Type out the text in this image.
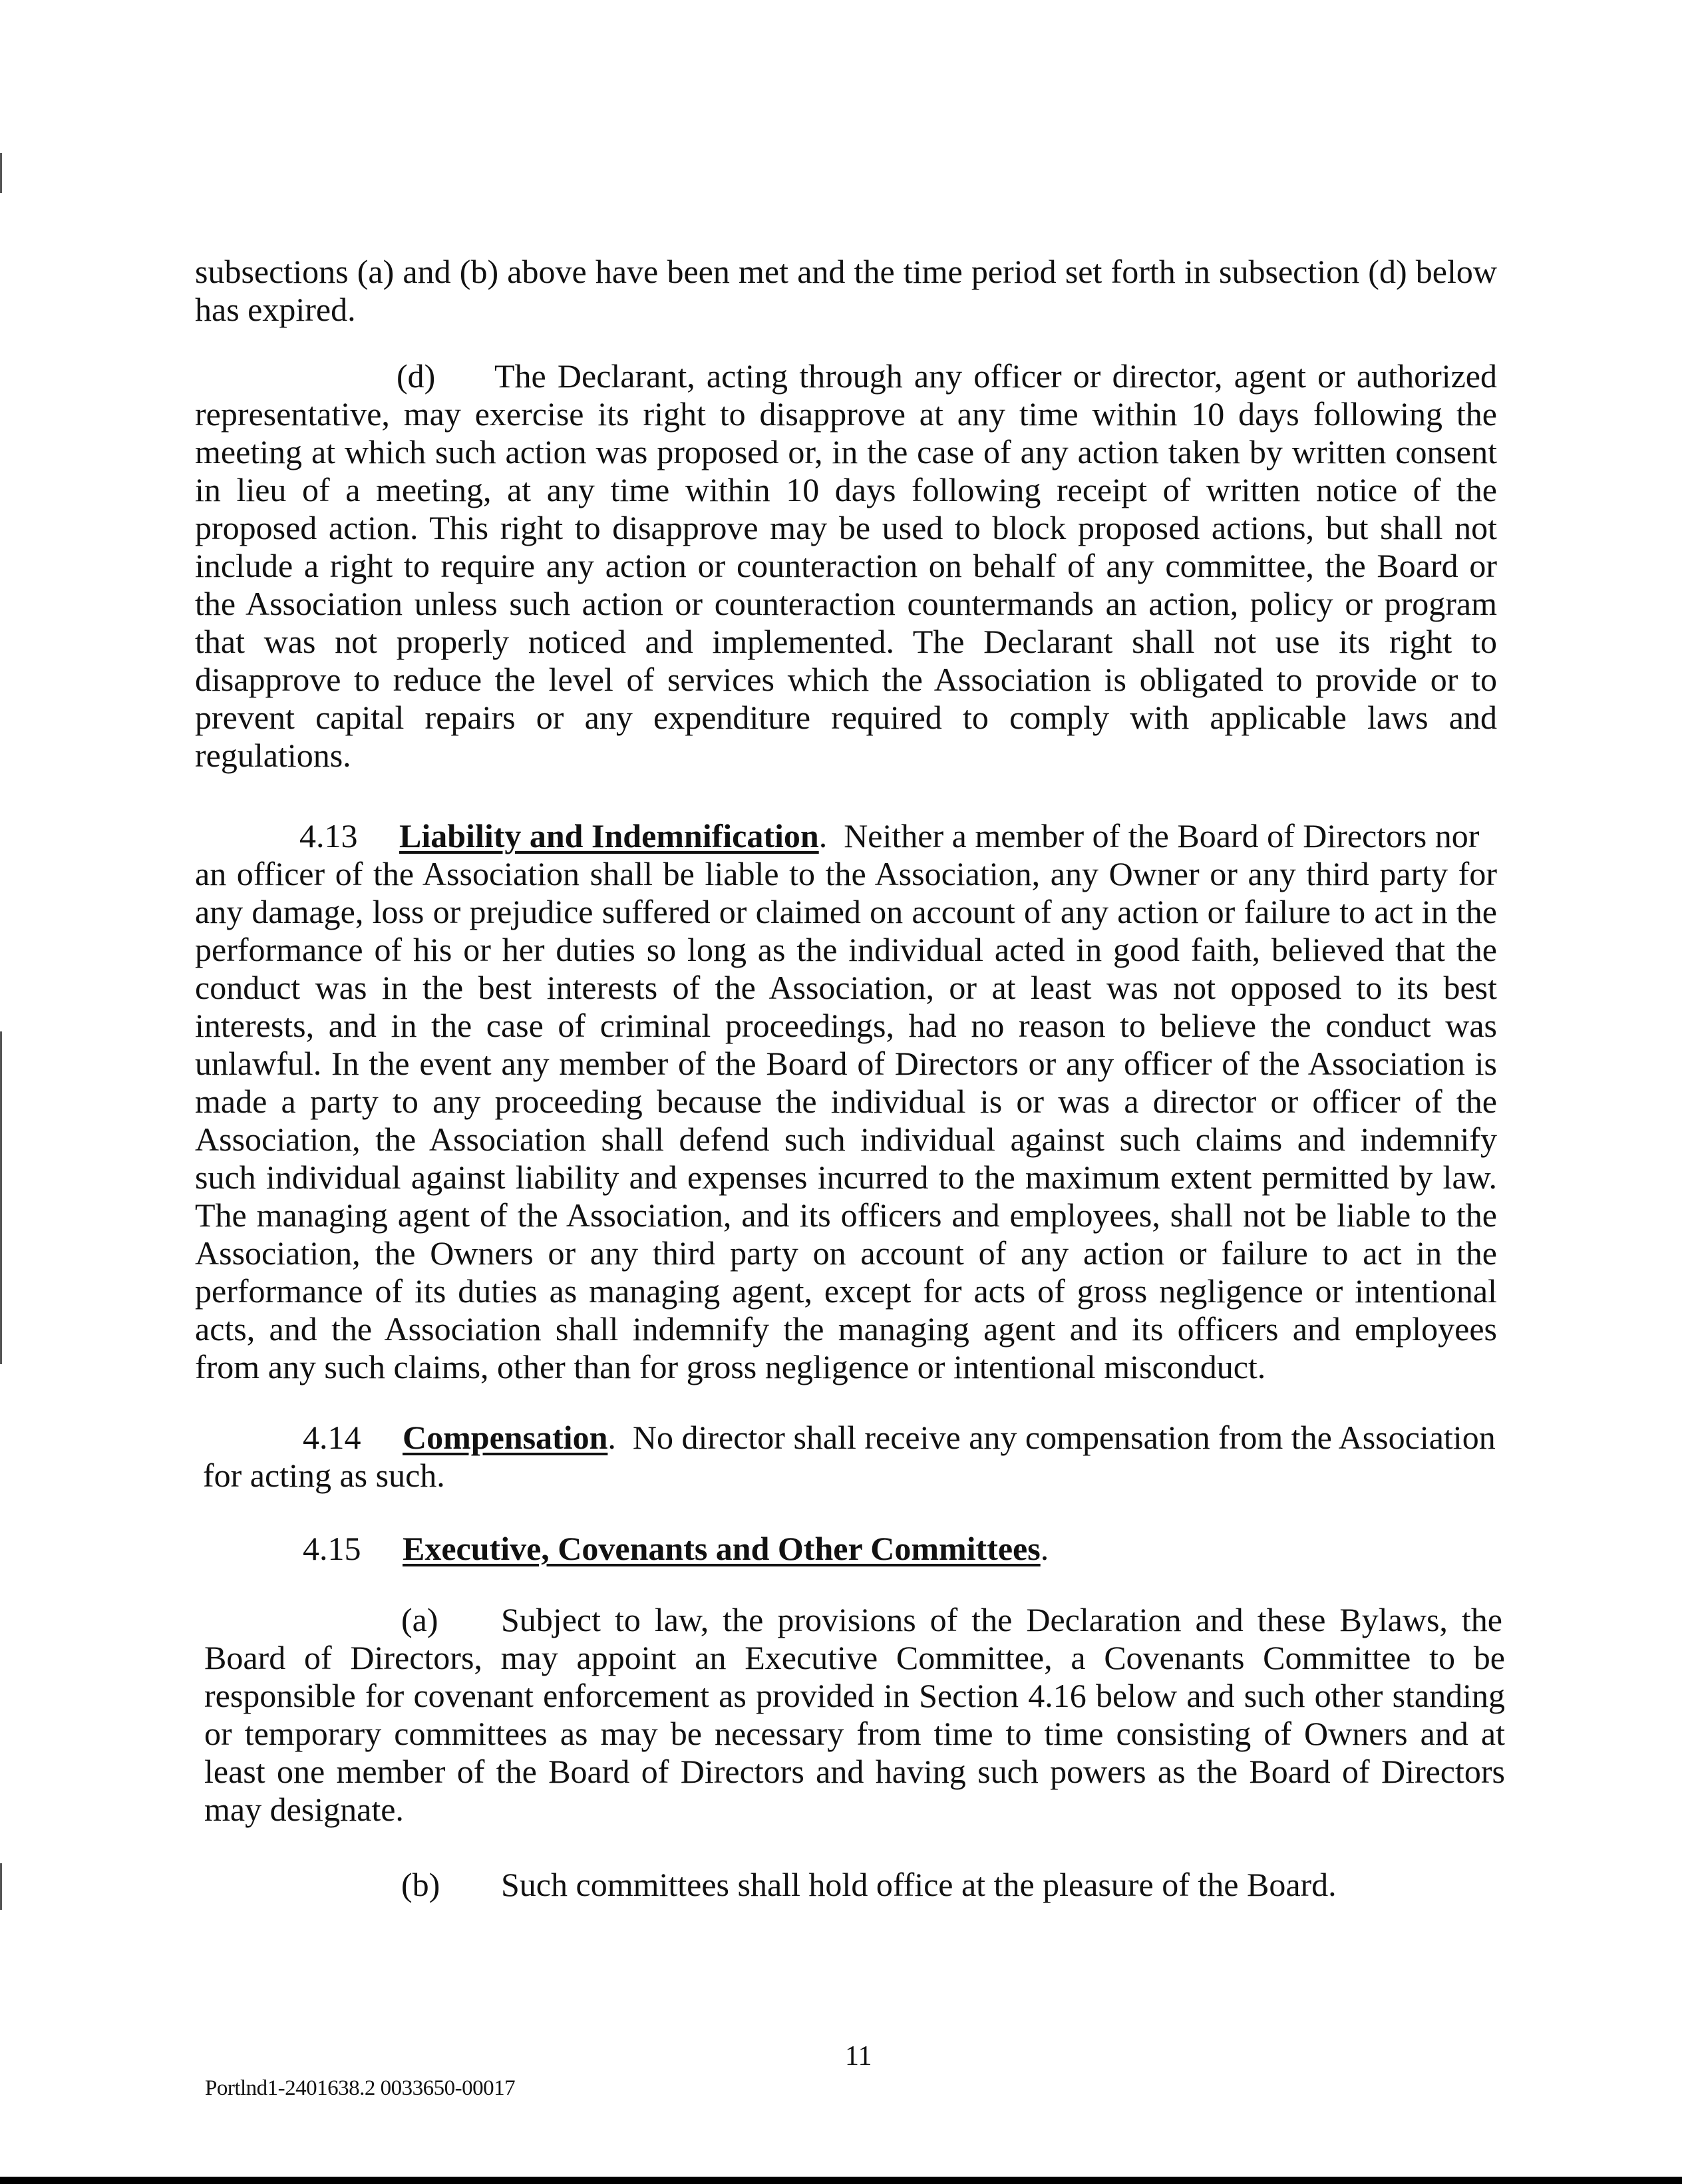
subsections (a) and (b) above have been met and the time period set forth in subsection (d) below
has expired.
(d) The Declarant, acting through any officer or director, agent or authorized
representative, may exercise its right to disapprove at any time within 10 days following the
meeting at which such action was proposed or, in the case of any action taken by written consent
in lieu of a meeting, at any time within 10 days following receipt of written notice of the
proposed action. This right to disapprove may be used to block proposed actions, but shall not
include a right to require any action or counteraction on behalf of any committee, the Board or
the Association unless such action or counteraction countermands an action, policy or program
that was not properly noticed and implemented. The Declarant shall not use its right to
disapprove to reduce the level of services which the Association is obligated to provide or to
prevent capital repairs or any expenditure required to comply with applicable laws and
regulations.
4.13 Liability and Indemnification.  Neither a member of the Board of Directors nor
an officer of the Association shall be liable to the Association, any Owner or any third party for
any damage, loss or prejudice suffered or claimed on account of any action or failure to act in the
performance of his or her duties so long as the individual acted in good faith, believed that the
conduct was in the best interests of the Association, or at least was not opposed to its best
interests, and in the case of criminal proceedings, had no reason to believe the conduct was
unlawful. In the event any member of the Board of Directors or any officer of the Association is
made a party to any proceeding because the individual is or was a director or officer of the
Association, the Association shall defend such individual against such claims and indemnify
such individual against liability and expenses incurred to the maximum extent permitted by law.
The managing agent of the Association, and its officers and employees, shall not be liable to the
Association, the Owners or any third party on account of any action or failure to act in the
performance of its duties as managing agent, except for acts of gross negligence or intentional
acts, and the Association shall indemnify the managing agent and its officers and employees
from any such claims, other than for gross negligence or intentional misconduct.
4.14 Compensation.  No director shall receive any compensation from the Association
for acting as such.
4.15 Executive, Covenants and Other Committees.
(a) Subject to law, the provisions of the Declaration and these Bylaws, the
Board of Directors, may appoint an Executive Committee, a Covenants Committee to be
responsible for covenant enforcement as provided in Section 4.16 below and such other standing
or temporary committees as may be necessary from time to time consisting of Owners and at
least one member of the Board of Directors and having such powers as the Board of Directors
may designate.
(b) Such committees shall hold office at the pleasure of the Board.
11
Portlnd1-2401638.2 0033650-00017
